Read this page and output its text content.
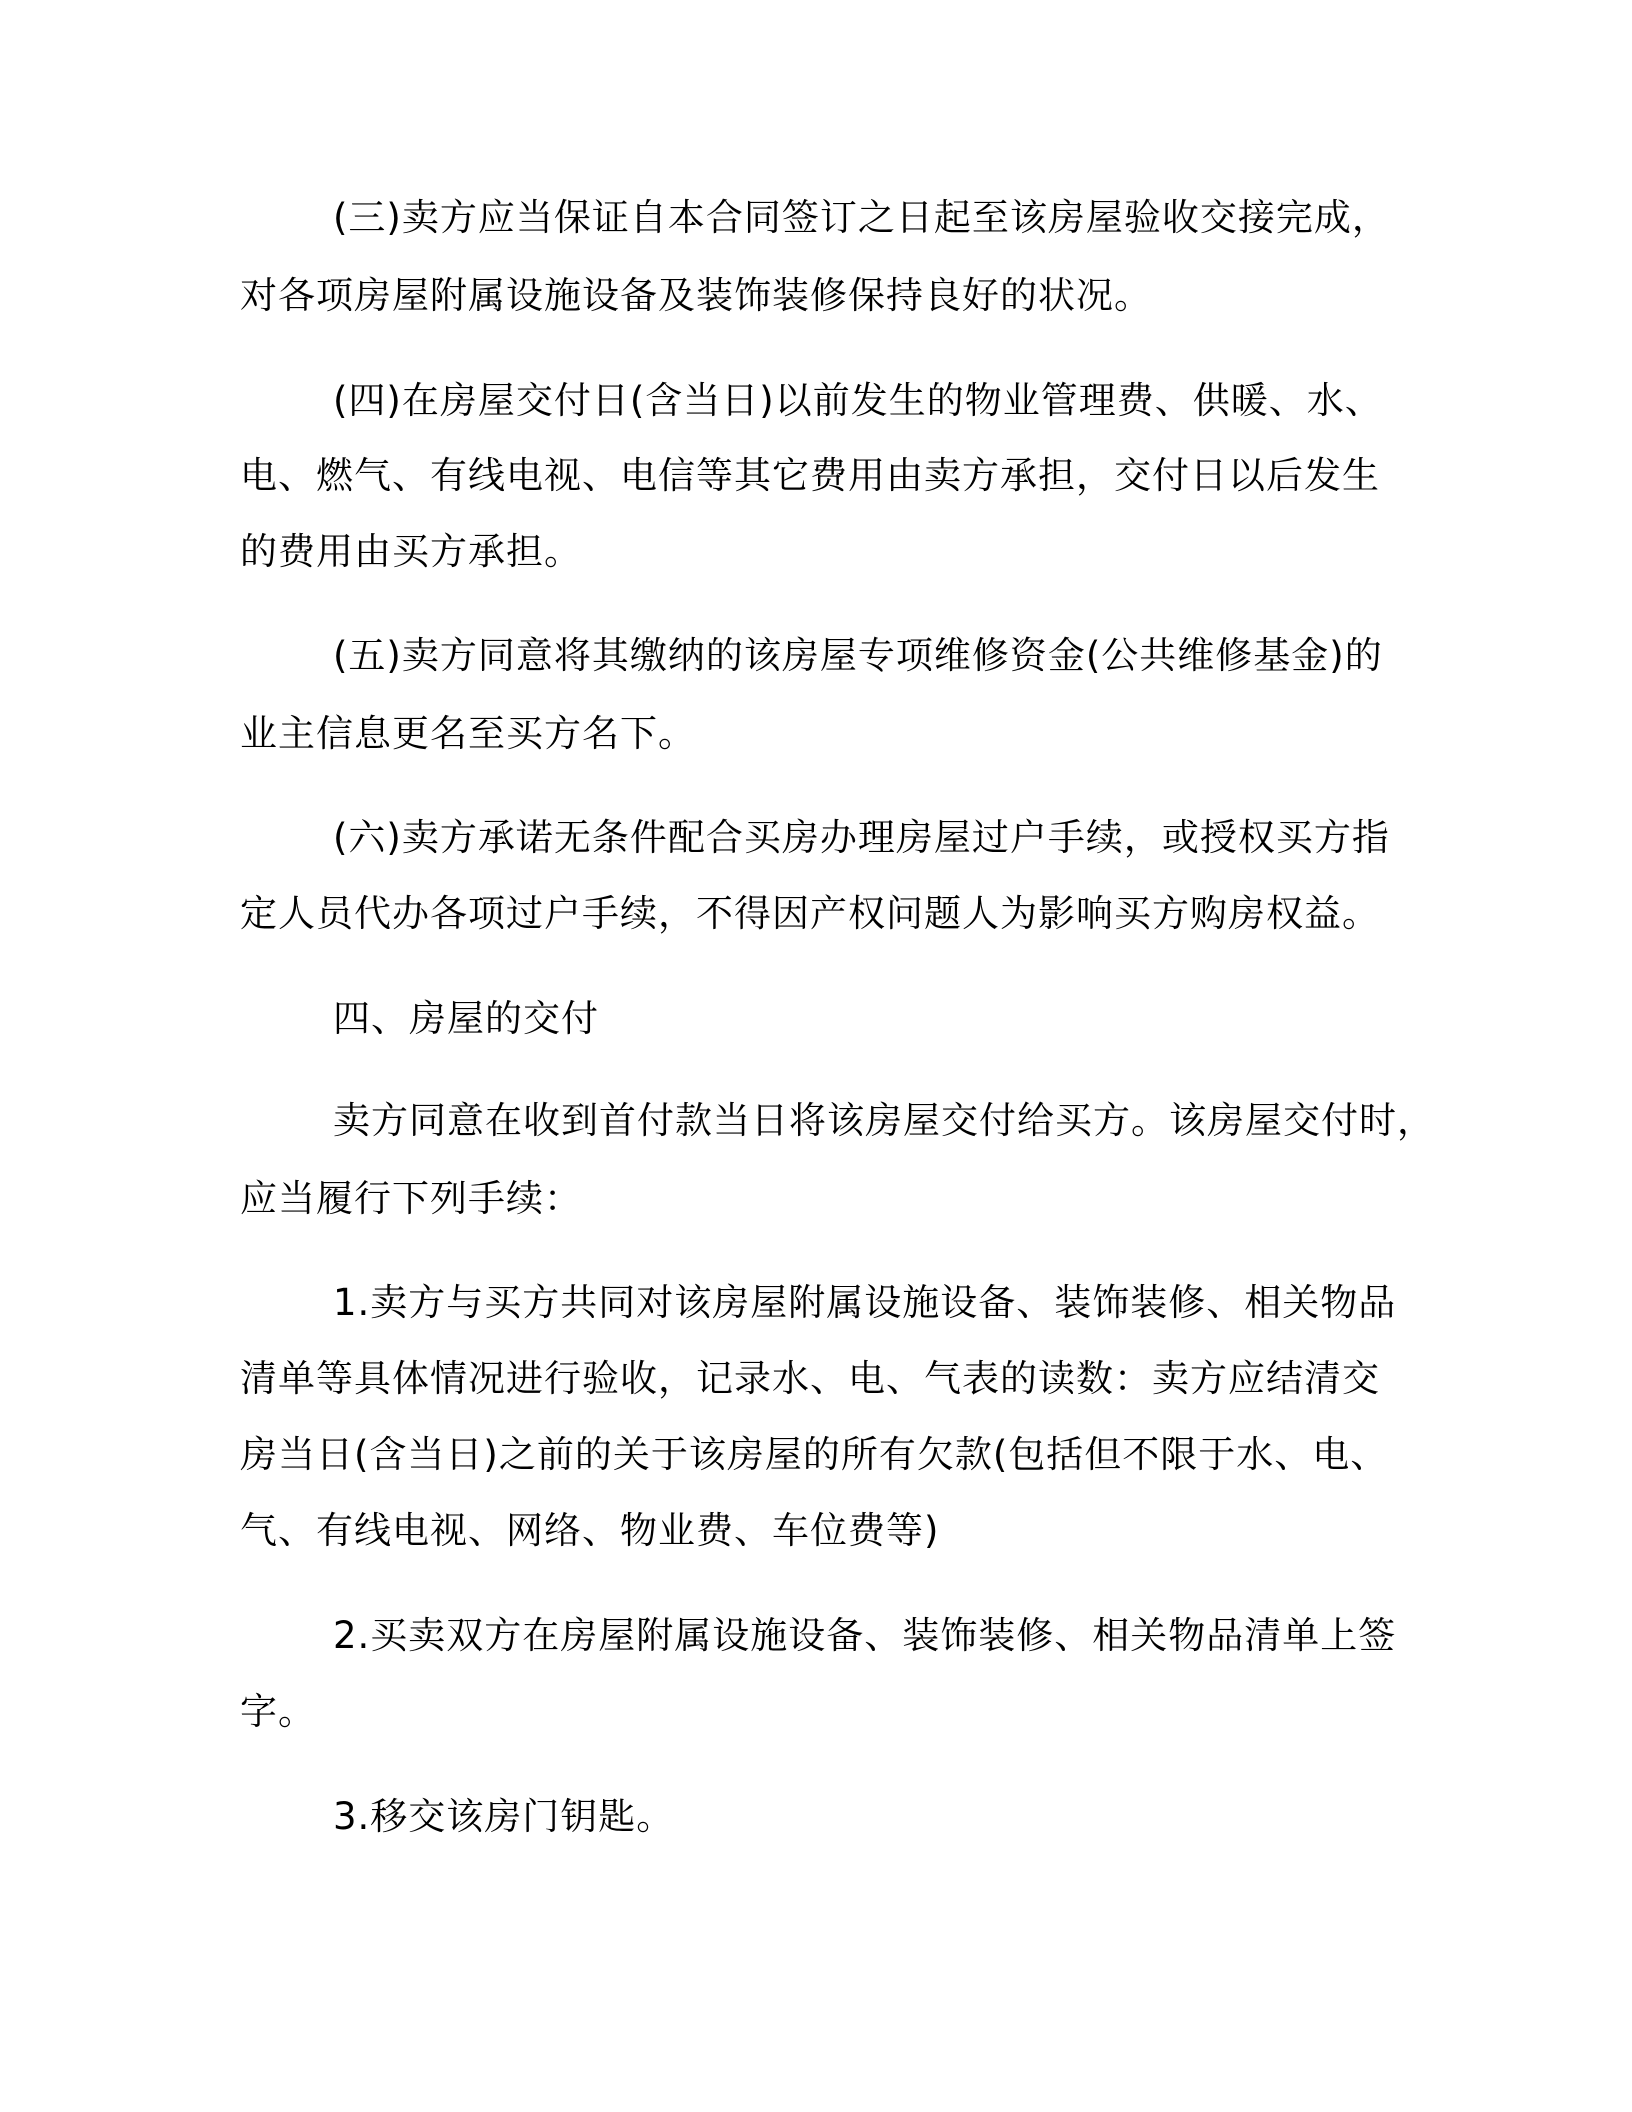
(三)卖方应当保证自本合同签订之日起至该房屋验收交接完成，
对各项房屋附属设施设备及装饰装修保持良好的状况。
(四)在房屋交付日(含当日)以前发生的物业管理费、供暖、水、
电、燃气、有线电视、电信等其它费用由卖方承担，交付日以后发生
的费用由买方承担。
(五)卖方同意将其缴纳的该房屋专项维修资金(公共维修基金)的
业主信息更名至买方名下。
(六)卖方承诺无条件配合买房办理房屋过户手续，或授权买方指
定人员代办各项过户手续，不得因产权问题人为影响买方购房权益。
四、房屋的交付
卖方同意在收到首付款当日将该房屋交付给买方。该房屋交付时，
应当履行下列手续：
1.卖方与买方共同对该房屋附属设施设备、装饰装修、相关物品
清单等具体情况进行验收，记录水、电、气表的读数：卖方应结清交
房当日(含当日)之前的关于该房屋的所有欠款(包括但不限于水、电、
气、有线电视、网络、物业费、车位费等)
2.买卖双方在房屋附属设施设备、装饰装修、相关物品清单上签
字。
3.移交该房门钥匙。
